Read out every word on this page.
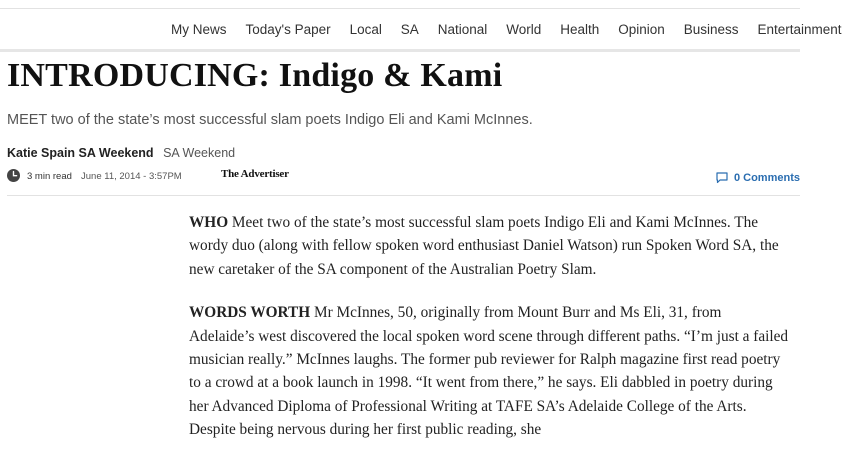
My News Today's Paper Local SA National World Health Opinion Business Entertainment
INTRODUCING: Indigo & Kami

MEET two of the state’s most successful slam poets Indigo Eli and Kami McInnes.

Katie Spain SA Weekend SA Weekend
3 min read June 11, 2014 - 3:57PM	The Advertiser	0 Comments

WHO Meet two of the state’s most successful slam poets Indigo Eli and Kami McInnes. The wordy duo (along with fellow spoken word enthusiast Daniel Watson) run Spoken Word SA, the new caretaker of the SA component of the Australian Poetry Slam.

WORDS WORTH Mr McInnes, 50, originally from Mount Burr and Ms Eli, 31, from Adelaide’s west discovered the local spoken word scene through different paths. “I’m just a failed musician really.” McInnes laughs. The former pub reviewer for Ralph magazine first read poetry to a crowd at a book launch in 1998. “It went from there,” he says. Eli dabbled in poetry during her Advanced Diploma of Professional Writing at TAFE SA’s Adelaide College of the Arts. Despite being nervous during her first public reading, she
